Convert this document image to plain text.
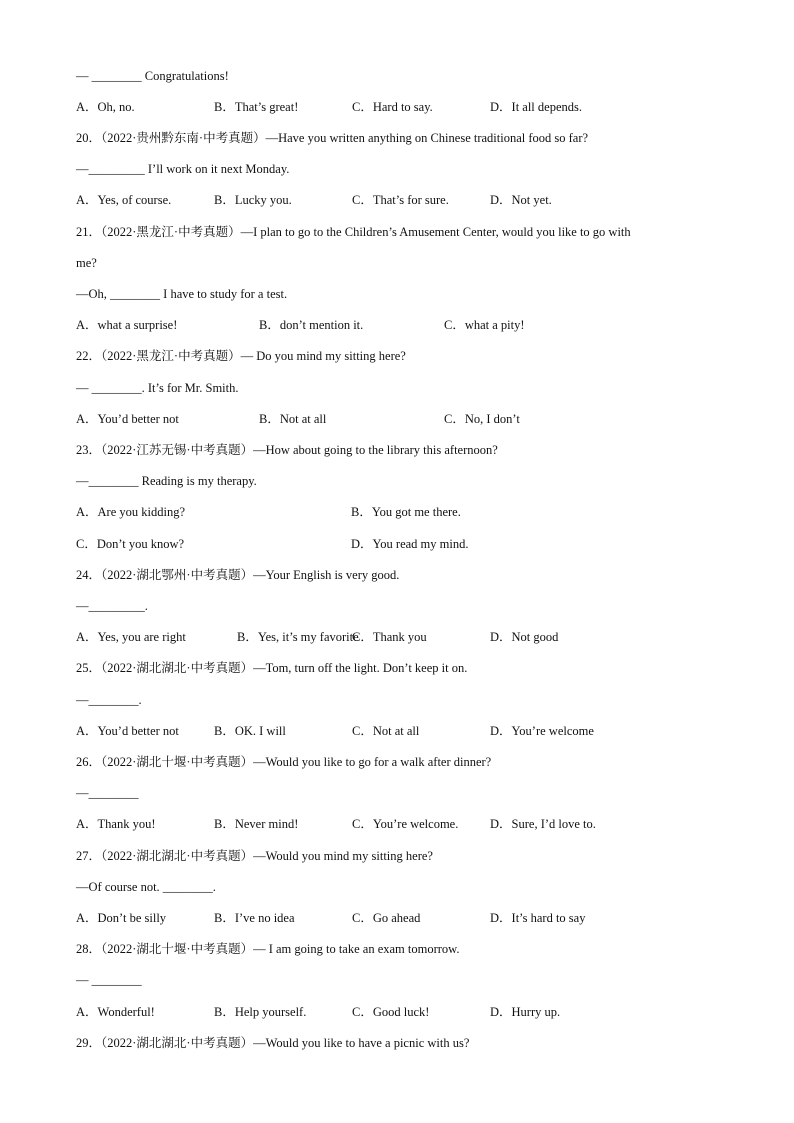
— ________ Congratulations!
A．Oh, no.	B．That’s great!	C．Hard to say.	D．It all depends.
20．（2022·贵州黔东南·中考真题）—Have you written anything on Chinese traditional food so far?
—_________ I’ll work on it next Monday.
A．Yes, of course.	B．Lucky you.	C．That’s for sure.	D．Not yet.
21．（2022·黑龙江·中考真题）—I plan to go to the Children’s Amusement Center, would you like to go with
me?
—Oh, ________ I have to study for a test.
A．what a surprise!	B．don’t mention it.	C．what a pity!
22．（2022·黑龙江·中考真题）— Do you mind my sitting here?
— ________. It’s for Mr. Smith.
A．You’d better not	B．Not at all	C．No, I don’t
23．（2022·江苏无锡·中考真题）—How about going to the library this afternoon?
—________ Reading is my therapy.
A．Are you kidding?	B．You got me there.
C．Don’t you know?	D．You read my mind.
24．（2022·湖北鄂州·中考真题）—Your English is very good.
—_________.
A．Yes, you are right	B．Yes, it’s my favorite
C．Thank you	D．Not good
25．（2022·湖北湖北·中考真题）—Tom, turn off the light. Don’t keep it on.
—________.
A．You’d better not	B．OK. I will	C．Not at all	D．You’re welcome
26．（2022·湖北十堰·中考真题）—Would you like to go for a walk after dinner?
—________
A．Thank you!	B．Never mind!	C．You’re welcome.	D．Sure, I’d love to.
27．（2022·湖北湖北·中考真题）—Would you mind my sitting here?
—Of course not. ________.
A．Don’t be silly	B．I’ve no idea	C．Go ahead	D．It’s hard to say
28．（2022·湖北十堰·中考真题）— I am going to take an exam tomorrow.
— ________
A．Wonderful!	B．Help yourself.	C．Good luck!	D．Hurry up.
29．（2022·湖北湖北·中考真题）—Would you like to have a picnic with us?
